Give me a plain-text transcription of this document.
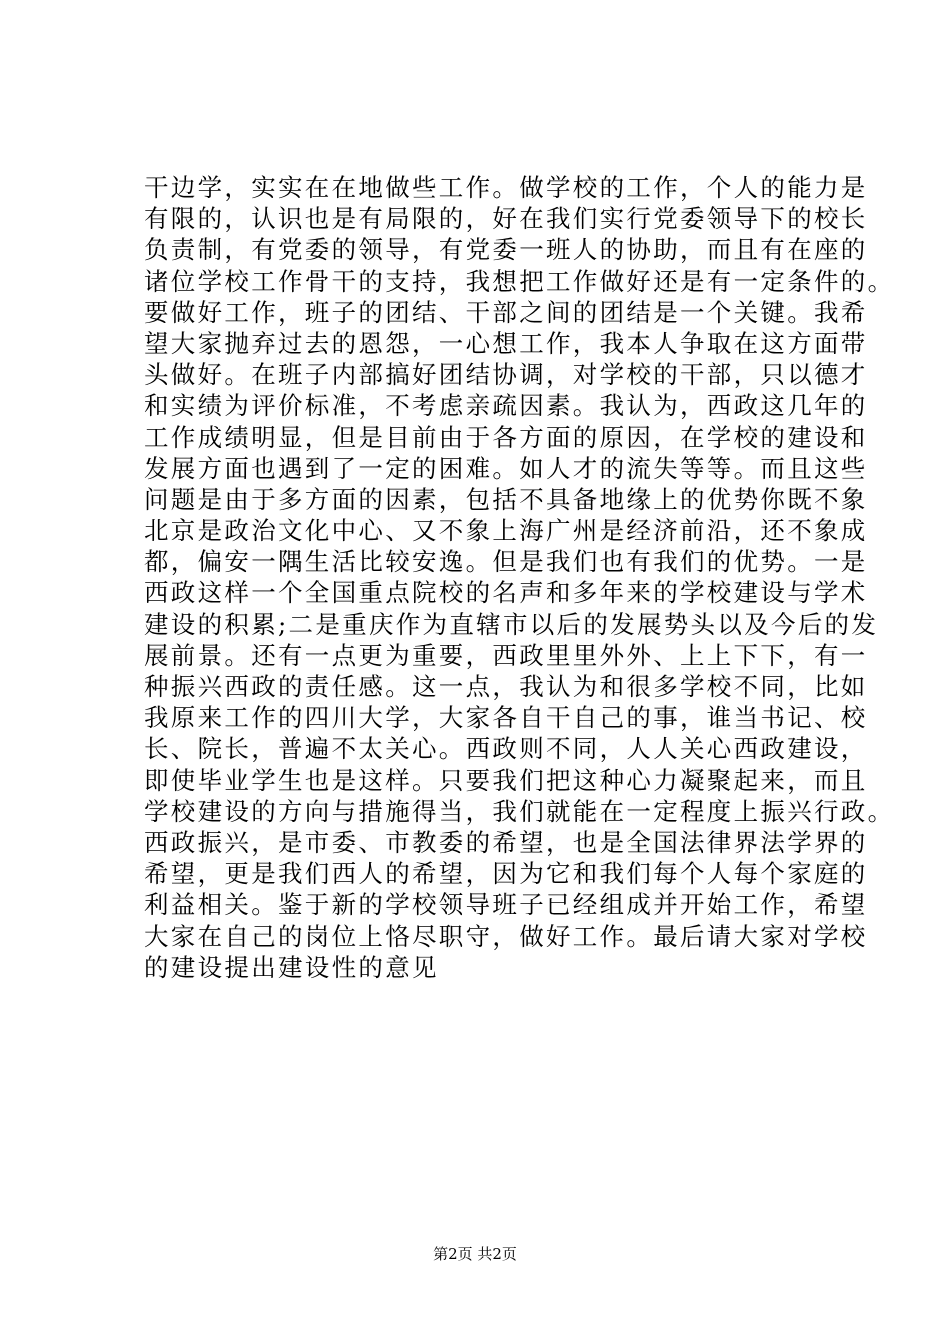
干边学，实实在在地做些工作。做学校的工作，个人的能力是
有限的，认识也是有局限的，好在我们实行党委领导下的校长
负责制，有党委的领导，有党委一班人的协助，而且有在座的
诸位学校工作骨干的支持，我想把工作做好还是有一定条件的。
要做好工作，班子的团结、干部之间的团结是一个关键。我希
望大家抛弃过去的恩怨，一心想工作，我本人争取在这方面带
头做好。在班子内部搞好团结协调，对学校的干部，只以德才
和实绩为评价标准，不考虑亲疏因素。我认为，西政这几年的
工作成绩明显，但是目前由于各方面的原因，在学校的建设和
发展方面也遇到了一定的困难。如人才的流失等等。而且这些
问题是由于多方面的因素，包括不具备地缘上的优势你既不象
北京是政治文化中心、又不象上海广州是经济前沿，还不象成
都，偏安一隅生活比较安逸。但是我们也有我们的优势。一是
西政这样一个全国重点院校的名声和多年来的学校建设与学术
建设的积累;二是重庆作为直辖市以后的发展势头以及今后的发
展前景。还有一点更为重要，西政里里外外、上上下下，有一
种振兴西政的责任感。这一点，我认为和很多学校不同，比如
我原来工作的四川大学，大家各自干自己的事，谁当书记、校
长、院长，普遍不太关心。西政则不同，人人关心西政建设，
即使毕业学生也是这样。只要我们把这种心力凝聚起来，而且
学校建设的方向与措施得当，我们就能在一定程度上振兴行政。
西政振兴，是市委、市教委的希望，也是全国法律界法学界的
希望，更是我们西人的希望，因为它和我们每个人每个家庭的
利益相关。鉴于新的学校领导班子已经组成并开始工作，希望
大家在自己的岗位上恪尽职守，做好工作。最后请大家对学校
的建设提出建设性的意见
第2页 共2页
